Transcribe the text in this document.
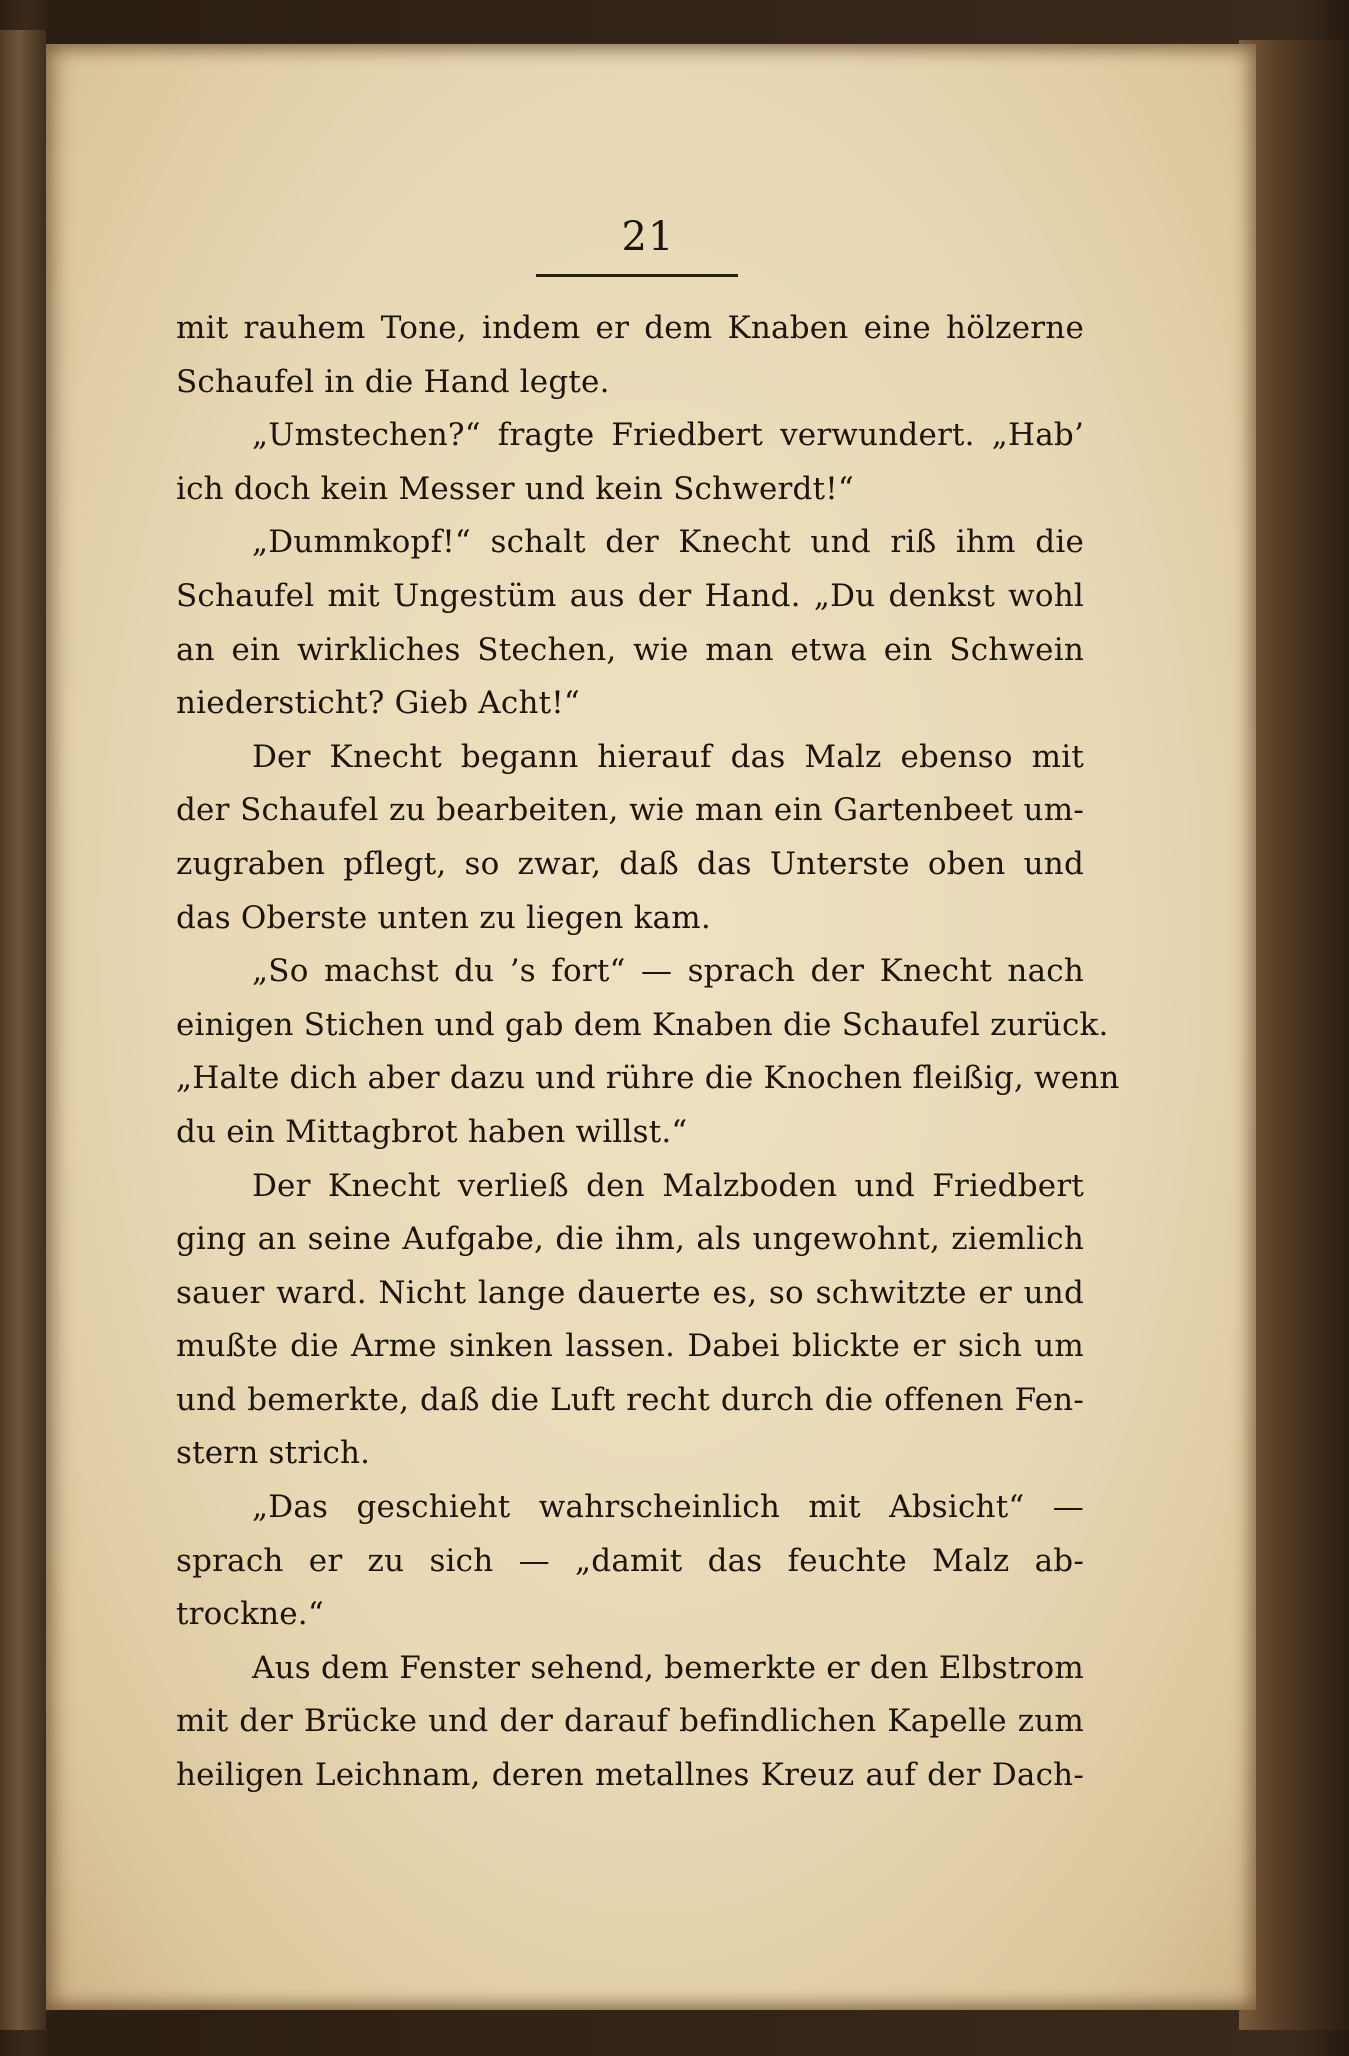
21
mit rauhem Tone, indem er dem Knaben eine hölzerne
Schaufel in die Hand legte.
„Umstechen?“ fragte Friedbert verwundert. „Hab’
ich doch kein Messer und kein Schwerdt!“
„Dummkopf!“ schalt der Knecht und riß ihm die
Schaufel mit Ungestüm aus der Hand. „Du denkst wohl
an ein wirkliches Stechen, wie man etwa ein Schwein
niedersticht? Gieb Acht!“
Der Knecht begann hierauf das Malz ebenso mit
der Schaufel zu bearbeiten, wie man ein Gartenbeet um-
zugraben pflegt, so zwar, daß das Unterste oben und
das Oberste unten zu liegen kam.
„So machst du ’s fort“ — sprach der Knecht nach
einigen Stichen und gab dem Knaben die Schaufel zurück.
„Halte dich aber dazu und rühre die Knochen fleißig, wenn
du ein Mittagbrot haben willst.“
Der Knecht verließ den Malzboden und Friedbert
ging an seine Aufgabe, die ihm, als ungewohnt, ziemlich
sauer ward. Nicht lange dauerte es, so schwitzte er und
mußte die Arme sinken lassen. Dabei blickte er sich um
und bemerkte, daß die Luft recht durch die offenen Fen-
stern strich.
„Das geschieht wahrscheinlich mit Absicht“ —
sprach er zu sich — „damit das feuchte Malz ab-
trockne.“
Aus dem Fenster sehend, bemerkte er den Elbstrom
mit der Brücke und der darauf befindlichen Kapelle zum
heiligen Leichnam, deren metallnes Kreuz auf der Dach-
